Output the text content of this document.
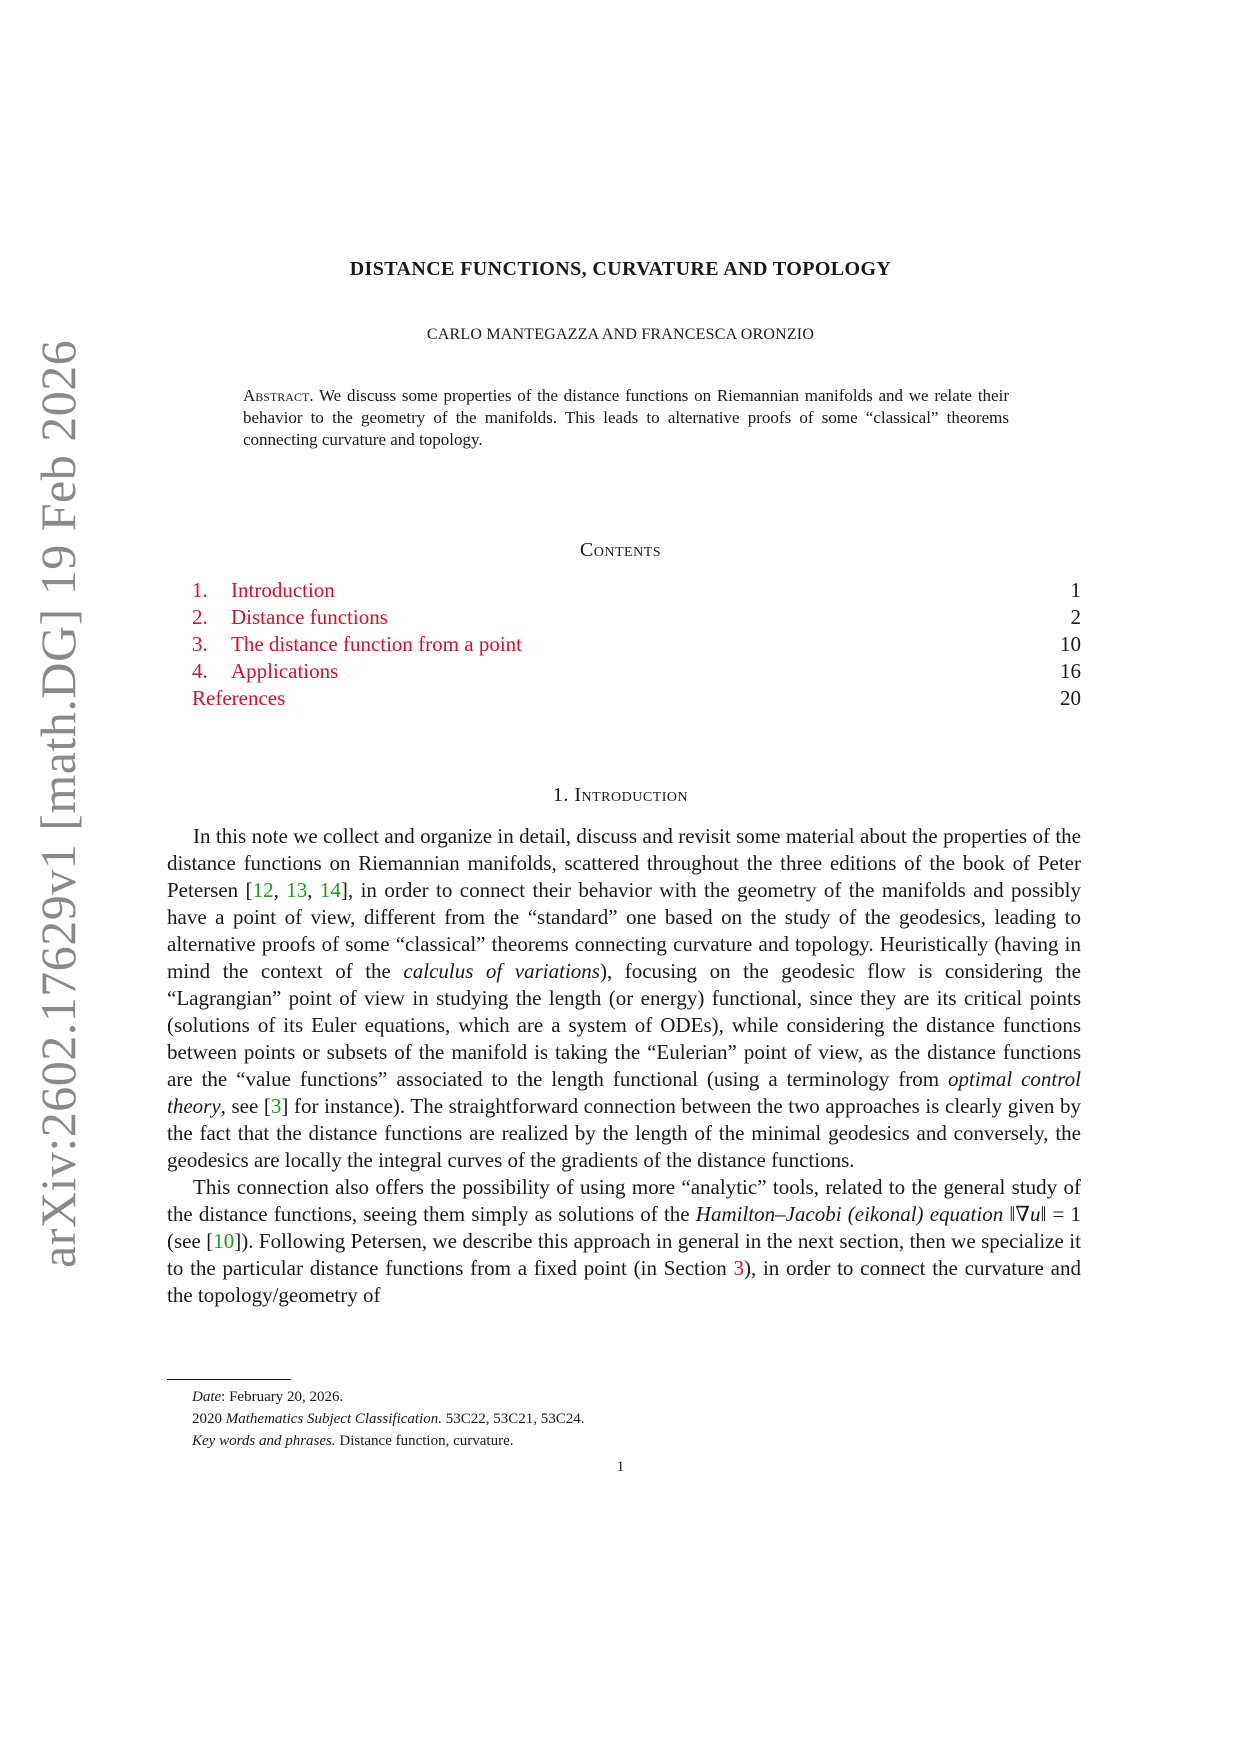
arXiv:2602.17629v1 [math.DG] 19 Feb 2026
DISTANCE FUNCTIONS, CURVATURE AND TOPOLOGY
CARLO MANTEGAZZA AND FRANCESCA ORONZIO
Abstract. We discuss some properties of the distance functions on Riemannian manifolds and we relate their behavior to the geometry of the manifolds. This leads to alternative proofs of some “classical” theorems connecting curvature and topology.
Contents
1. Introduction	1
2. Distance functions	2
3. The distance function from a point	10
4. Applications	16
References	20
1. Introduction

In this note we collect and organize in detail, discuss and revisit some material about the properties of the distance functions on Riemannian manifolds, scattered throughout the three editions of the book of Peter Petersen [12, 13, 14], in order to connect their behavior with the geometry of the manifolds and possibly have a point of view, different from the “standard” one based on the study of the geodesics, leading to alternative proofs of some “classical” theorems connecting curvature and topology. Heuristically (having in mind the context of the calculus of variations), focusing on the geodesic flow is considering the “Lagrangian” point of view in studying the length (or energy) functional, since they are its critical points (solutions of its Euler equations, which are a system of ODEs), while considering the distance functions between points or subsets of the manifold is taking the “Eulerian” point of view, as the distance functions are the “value functions” associated to the length functional (using a terminology from optimal control theory, see [3] for instance). The straightforward connection between the two approaches is clearly given by the fact that the distance functions are realized by the length of the minimal geodesics and conversely, the geodesics are locally the integral curves of the gradients of the distance functions.

This connection also offers the possibility of using more “analytic” tools, related to the general study of the distance functions, seeing them simply as solutions of the Hamilton–Jacobi (eikonal) equation ‖∇u‖ = 1 (see [10]). Following Petersen, we describe this approach in general in the next section, then we specialize it to the particular distance functions from a fixed point (in Section 3), in order to connect the curvature and the topology/geometry of

Date: February 20, 2026.
2020 Mathematics Subject Classification. 53C22, 53C21, 53C24.
Key words and phrases. Distance function, curvature.
1
